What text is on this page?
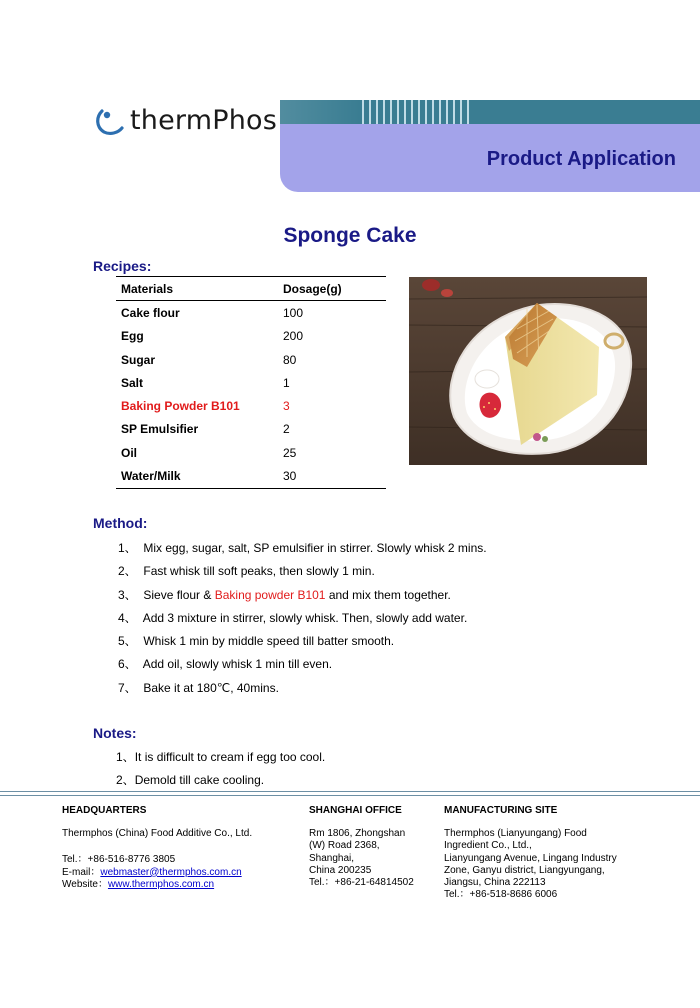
thermPhos
Product Application
Sponge Cake
Recipes:
Materials	Dosage(g)
Cake flour	100
Egg	200
Sugar	80
Salt	1
Baking Powder B101	3
SP Emulsifier	2
Oil	25
Water/Milk	30
Method:
1、 Mix egg, sugar, salt, SP emulsifier in stirrer. Slowly whisk 2 mins.
2、 Fast whisk till soft peaks, then slowly 1 min.
3、 Sieve flour & Baking powder B101 and mix them together.
4、 Add 3 mixture in stirrer, slowly whisk. Then, slowly add water.
5、 Whisk 1 min by middle speed till batter smooth.
6、 Add oil, slowly whisk 1 min till even.
7、 Bake it at 180℃, 40mins.
Notes:
1、It is difficult to cream if egg too cool.
2、Demold till cake cooling.
HEADQUARTERS
Thermphos (China) Food Additive Co., Ltd.
Tel.：+86-516-8776 3805
E-mail：webmaster@thermphos.com.cn
Website：www.thermphos.com.cn
SHANGHAI OFFICE
Rm 1806, Zhongshan
(W) Road 2368,
Shanghai,
China 200235
Tel.：+86-21-64814502
MANUFACTURING SITE
Thermphos (Lianyungang) Food
Ingredient Co., Ltd.,
Lianyungang Avenue, Lingang Industry
Zone, Ganyu district, Liangyungang,
Jiangsu, China 222113
Tel.：+86-518-8686 6006
